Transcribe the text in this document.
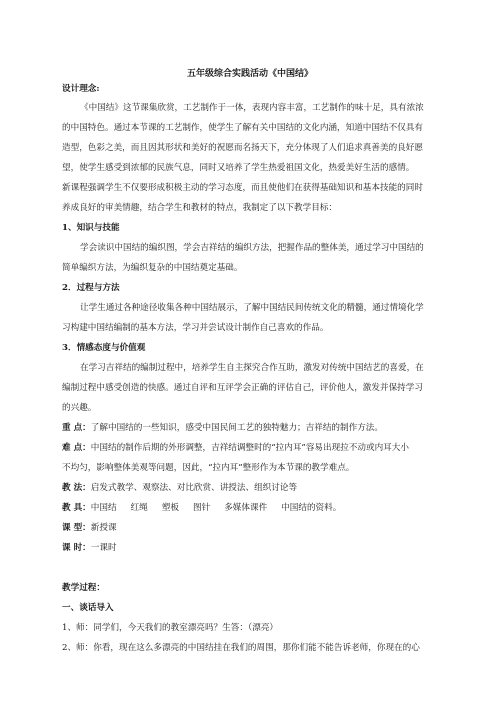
五年级综合实践活动《中国结》
设计理念:
《中国结》这节课集欣赏，工艺制作于一体，表现内容丰富，工艺制作的味十足，具有浓浓
的中国特色。通过本节课的工艺制作，使学生了解有关中国结的文化内涵，知道中国结不仅具有
造型，色彩之美，而且因其形状和美好的祝愿而名扬天下，充分体现了人们追求真善美的良好愿
望，使学生感受到浓郁的民族气息，同时又培养了学生热爱祖国文化，热爱美好生活的感情。
新课程强调学生不仅要形成积极主动的学习态度，而且使他们在获得基础知识和基本技能的同时
养成良好的审美情趣，结合学生和教材的特点，我制定了以下教学目标：
1、知识与技能
学会读识中国结的编织图，学会吉祥结的编织方法，把握作品的整体美，通过学习中国结的
简单编织方法，为编织复杂的中国结奠定基础。
2．过程与方法
让学生通过各种途径收集各种中国结展示，了解中国结民间传统文化的精髓，通过情境化学
习构建中国结编制的基本方法，学习并尝试设计制作自己喜欢的作品。
3．情感态度与价值观
在学习吉祥结的编制过程中，培养学生自主探究合作互助，激发对传统中国结艺的喜爱，在
编制过程中感受创造的快感。通过自评和互评学会正确的评估自己，评价他人，激发并保持学习
的兴趣。
重 点：了解中国结的一些知识，感受中国民间工艺的独特魅力；吉祥结的制作方法。
难 点：中国结的制作后期的外形调整，吉祥结调整时的“拉内耳”容易出现拉不动或内耳大小
不均匀，影响整体美观等问题，因此，“拉内耳”整形作为本节课的教学难点。
教 法：启发式教学、观察法、对比欣赏、讲授法、组织讨论等
教 具：中国结 红绳 塑板 图针 多媒体课件 中国结的资料。
课 型：新授课
课 时：一课时
教学过程：
一、谈话导入
1、师：同学们，今天我们的教室漂亮吗？生答：（漂亮）
2、师：你看，现在这么多漂亮的中国结挂在我们的周围，那你们能不能告诉老师，你现在的心
